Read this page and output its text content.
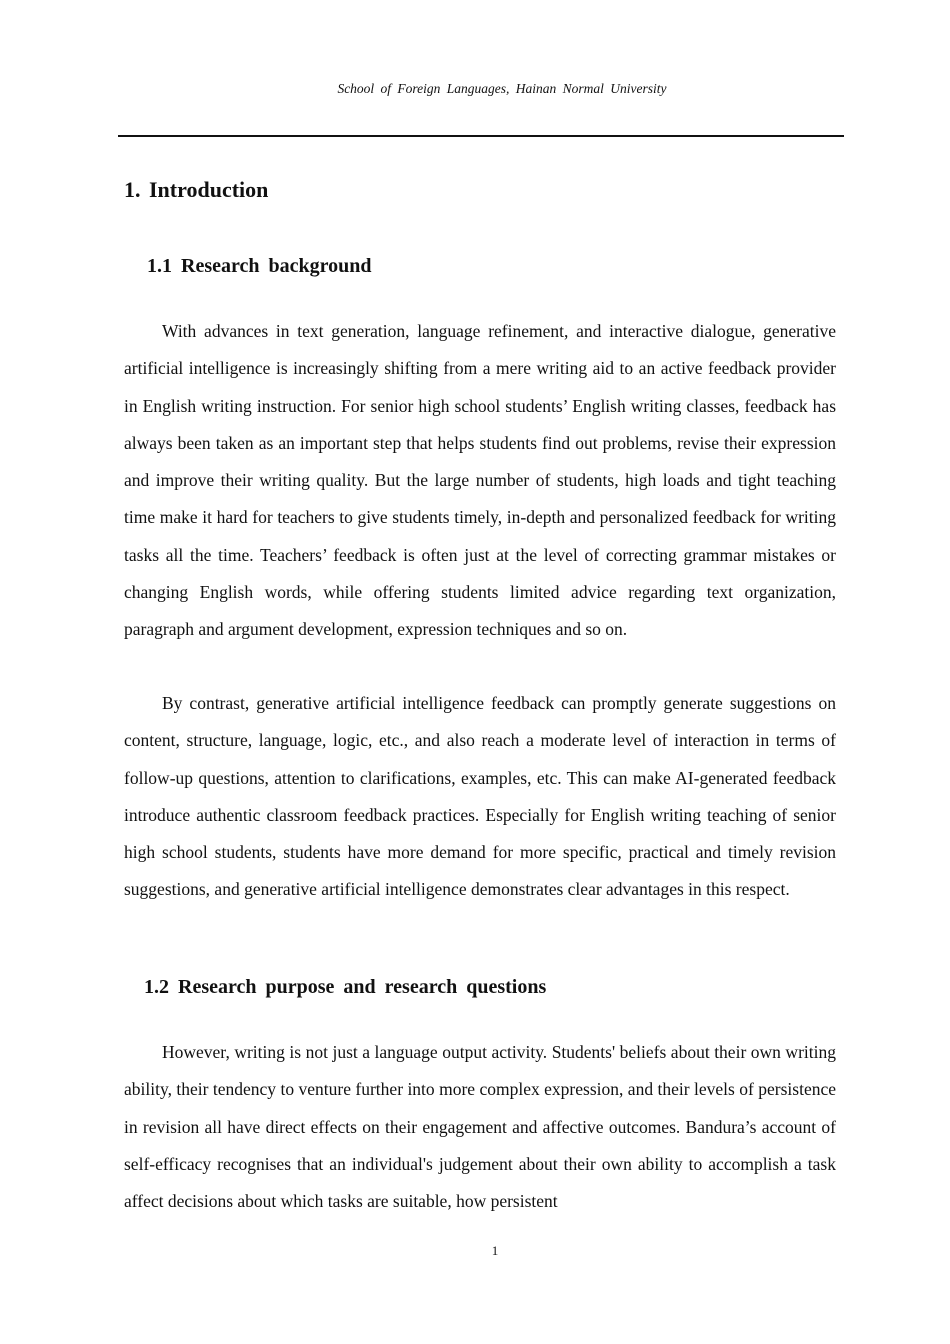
School of Foreign Languages, Hainan Normal University
1. Introduction
1.1 Research background

With advances in text generation, language refinement, and interactive dialogue, generative artificial intelligence is increasingly shifting from a mere writing aid to an active feedback provider in English writing instruction. For senior high school students’ English writing classes, feedback has always been taken as an important step that helps students find out problems, revise their expression and improve their writing quality. But the large number of students, high loads and tight teaching time make it hard for teachers to give students timely, in-depth and personalized feedback for writing tasks all the time. Teachers’ feedback is often just at the level of correcting grammar mistakes or changing English words, while offering students limited advice regarding text organization, paragraph and argument development, expression techniques and so on.

By contrast, generative artificial intelligence feedback can promptly generate suggestions on content, structure, language, logic, etc., and also reach a moderate level of interaction in terms of follow-up questions, attention to clarifications, examples, etc. This can make AI-generated feedback introduce authentic classroom feedback practices. Especially for English writing teaching of senior high school students, students have more demand for more specific, practical and timely revision suggestions, and generative artificial intelligence demonstrates clear advantages in this respect.

1.2 Research purpose and research questions

However, writing is not just a language output activity. Students' beliefs about their own writing ability, their tendency to venture further into more complex expression, and their levels of persistence in revision all have direct effects on their engagement and affective outcomes. Bandura’s account of self-efficacy recognises that an individual's judgement about their own ability to accomplish a task affect decisions about which tasks are suitable, how persistent

1
